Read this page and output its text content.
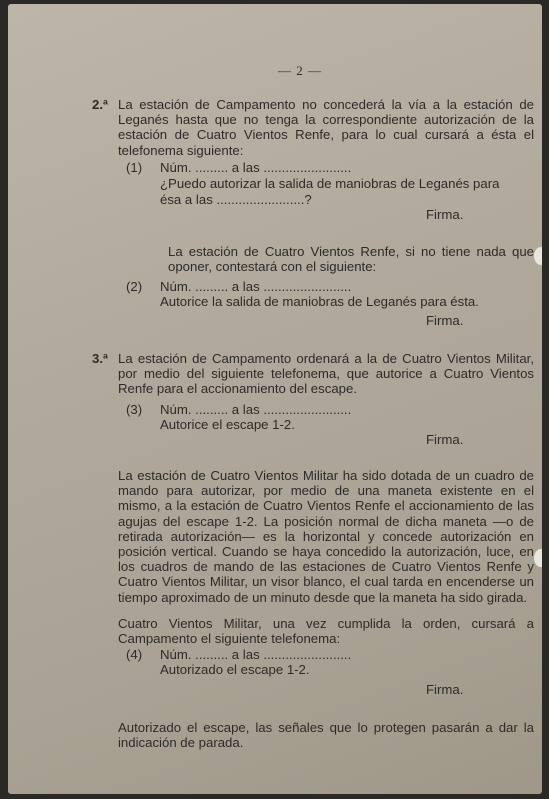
— 2 —
2.ª La estación de Campamento no concederá la vía a la estación de Leganés hasta que no tenga la correspondiente autorización de la estación de Cuatro Vientos Renfe, para lo cual cursará a ésta el telefonema siguiente:
(1) Núm. ......... a las ........................
¿Puedo autorizar la salida de maniobras de Leganés para
ésa a las ........................?
Firma.
La estación de Cuatro Vientos Renfe, si no tiene nada que oponer, contestará con el siguiente:
(2) Núm. ......... a las ........................
Autorice la salida de maniobras de Leganés para ésta.
Firma.
3.ª La estación de Campamento ordenará a la de Cuatro Vientos Militar, por medio del siguiente telefonema, que autorice a Cuatro Vientos Renfe para el accionamiento del escape.
(3) Núm. ......... a las ........................
Autorice el escape 1-2.
Firma.
La estación de Cuatro Vientos Militar ha sido dotada de un cuadro de mando para autorizar, por medio de una maneta existente en el mismo, a la estación de Cuatro Vientos Renfe el accionamiento de las agujas del escape 1-2. La posición normal de dicha maneta —o de retirada autorización— es la horizontal y concede autorización en posición vertical. Cuando se haya concedido la autorización, luce, en los cuadros de mando de las estaciones de Cuatro Vientos Renfe y Cuatro Vientos Militar, un visor blanco, el cual tarda en encenderse un tiempo aproximado de un minuto desde que la maneta ha sido girada.
Cuatro Vientos Militar, una vez cumplida la orden, cursará a Campamento el siguiente telefonema:
(4) Núm. ......... a las ........................
Autorizado el escape 1-2.
Firma.
Autorizado el escape, las señales que lo protegen pasarán a dar la indicación de parada.
